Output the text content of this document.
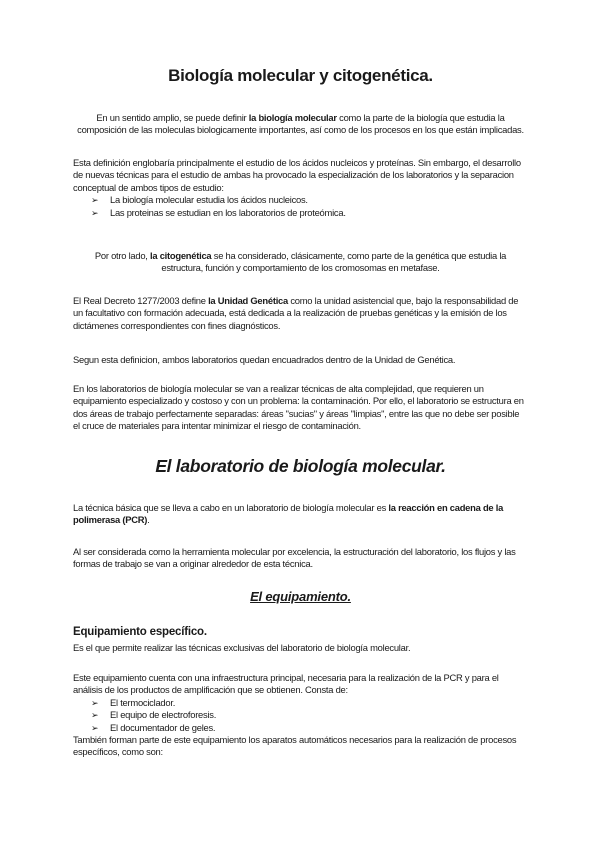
Biología molecular y citogenética.

En un sentido amplio, se puede definir la biología molecular como la parte de la biología que estudia la composición de las moleculas biologicamente importantes, así como de los procesos en los que están implicadas.

Esta definición englobaría principalmente el estudio de los ácidos nucleicos y proteínas. Sin embargo, el desarrollo de nuevas técnicas para el estudio de ambas ha provocado la especialización de los laboratorios y la separacion conceptual de ambos tipos de estudio:

➢ La biología molecular estudia los ácidos nucleicos.
➢ Las proteinas se estudian en los laboratorios de proteómica.

Por otro lado, la citogenética se ha considerado, clásicamente, como parte de la genética que estudia la estructura, función y comportamiento de los cromosomas en metafase.

El Real Decreto 1277/2003 define la Unidad Genética como la unidad asistencial que, bajo la responsabilidad de un facultativo con formación adecuada, está dedicada a la realización de pruebas genéticas y la emisión de los dictámenes correspondientes con fines diagnósticos.

Segun esta definicion, ambos laboratorios quedan encuadrados dentro de la Unidad de Genética.

En los laboratorios de biología molecular se van a realizar técnicas de alta complejidad, que requieren un equipamiento especializado y costoso y con un problema: la contaminación. Por ello, el laboratorio se estructura en dos áreas de trabajo perfectamente separadas: áreas "sucias" y áreas "limpias", entre las que no debe ser posible el cruce de materiales para intentar minimizar el riesgo de contaminación.

El laboratorio de biología molecular.

La técnica básica que se lleva a cabo en un laboratorio de biología molecular es la reacción en cadena de la polimerasa (PCR).

Al ser considerada como la herramienta molecular por excelencia, la estructuración del laboratorio, los flujos y las formas de trabajo se van a originar alrededor de esta técnica.

El equipamiento.
Equipamiento específico.

Es el que permite realizar las técnicas exclusivas del laboratorio de biología molecular.

Este equipamiento cuenta con una infraestructura principal, necesaria para la realización de la PCR y para el análisis de los productos de amplificación que se obtienen. Consta de:

➢ El termociclador.
➢ El equipo de electroforesis.
➢ El documentador de geles.

También forman parte de este equipamiento los aparatos automáticos necesarios para la realización de procesos específicos, como son:
